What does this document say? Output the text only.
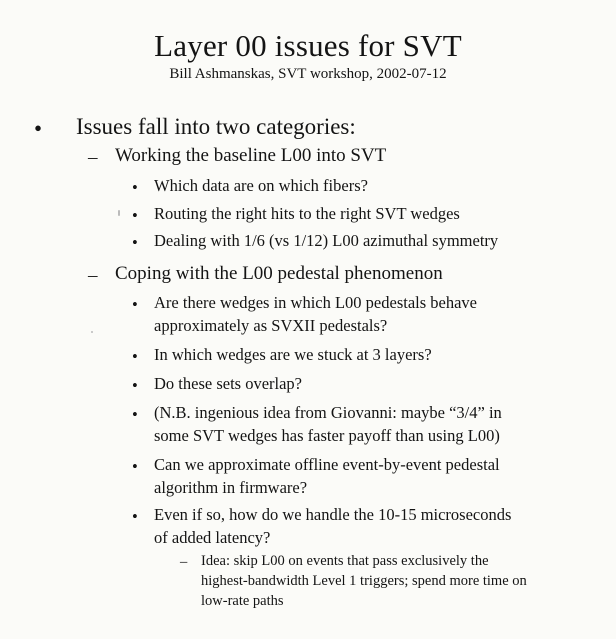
Layer 00 issues for SVT
Bill Ashmanskas, SVT workshop, 2002-07-12
• Issues fall into two categories:
– Working the baseline L00 into SVT
• Which data are on which fibers?
• Routing the right hits to the right SVT wedges
• Dealing with 1/6 (vs 1/12) L00 azimuthal symmetry
– Coping with the L00 pedestal phenomenon
• Are there wedges in which L00 pedestals behave
approximately as SVXII pedestals?
• In which wedges are we stuck at 3 layers?
• Do these sets overlap?
• (N.B. ingenious idea from Giovanni: maybe “3/4” in
some SVT wedges has faster payoff than using L00)
• Can we approximate offline event-by-event pedestal
algorithm in firmware?
• Even if so, how do we handle the 10-15 microseconds
of added latency?
– Idea: skip L00 on events that pass exclusively the
highest-bandwidth Level 1 triggers; spend more time on
low-rate paths
